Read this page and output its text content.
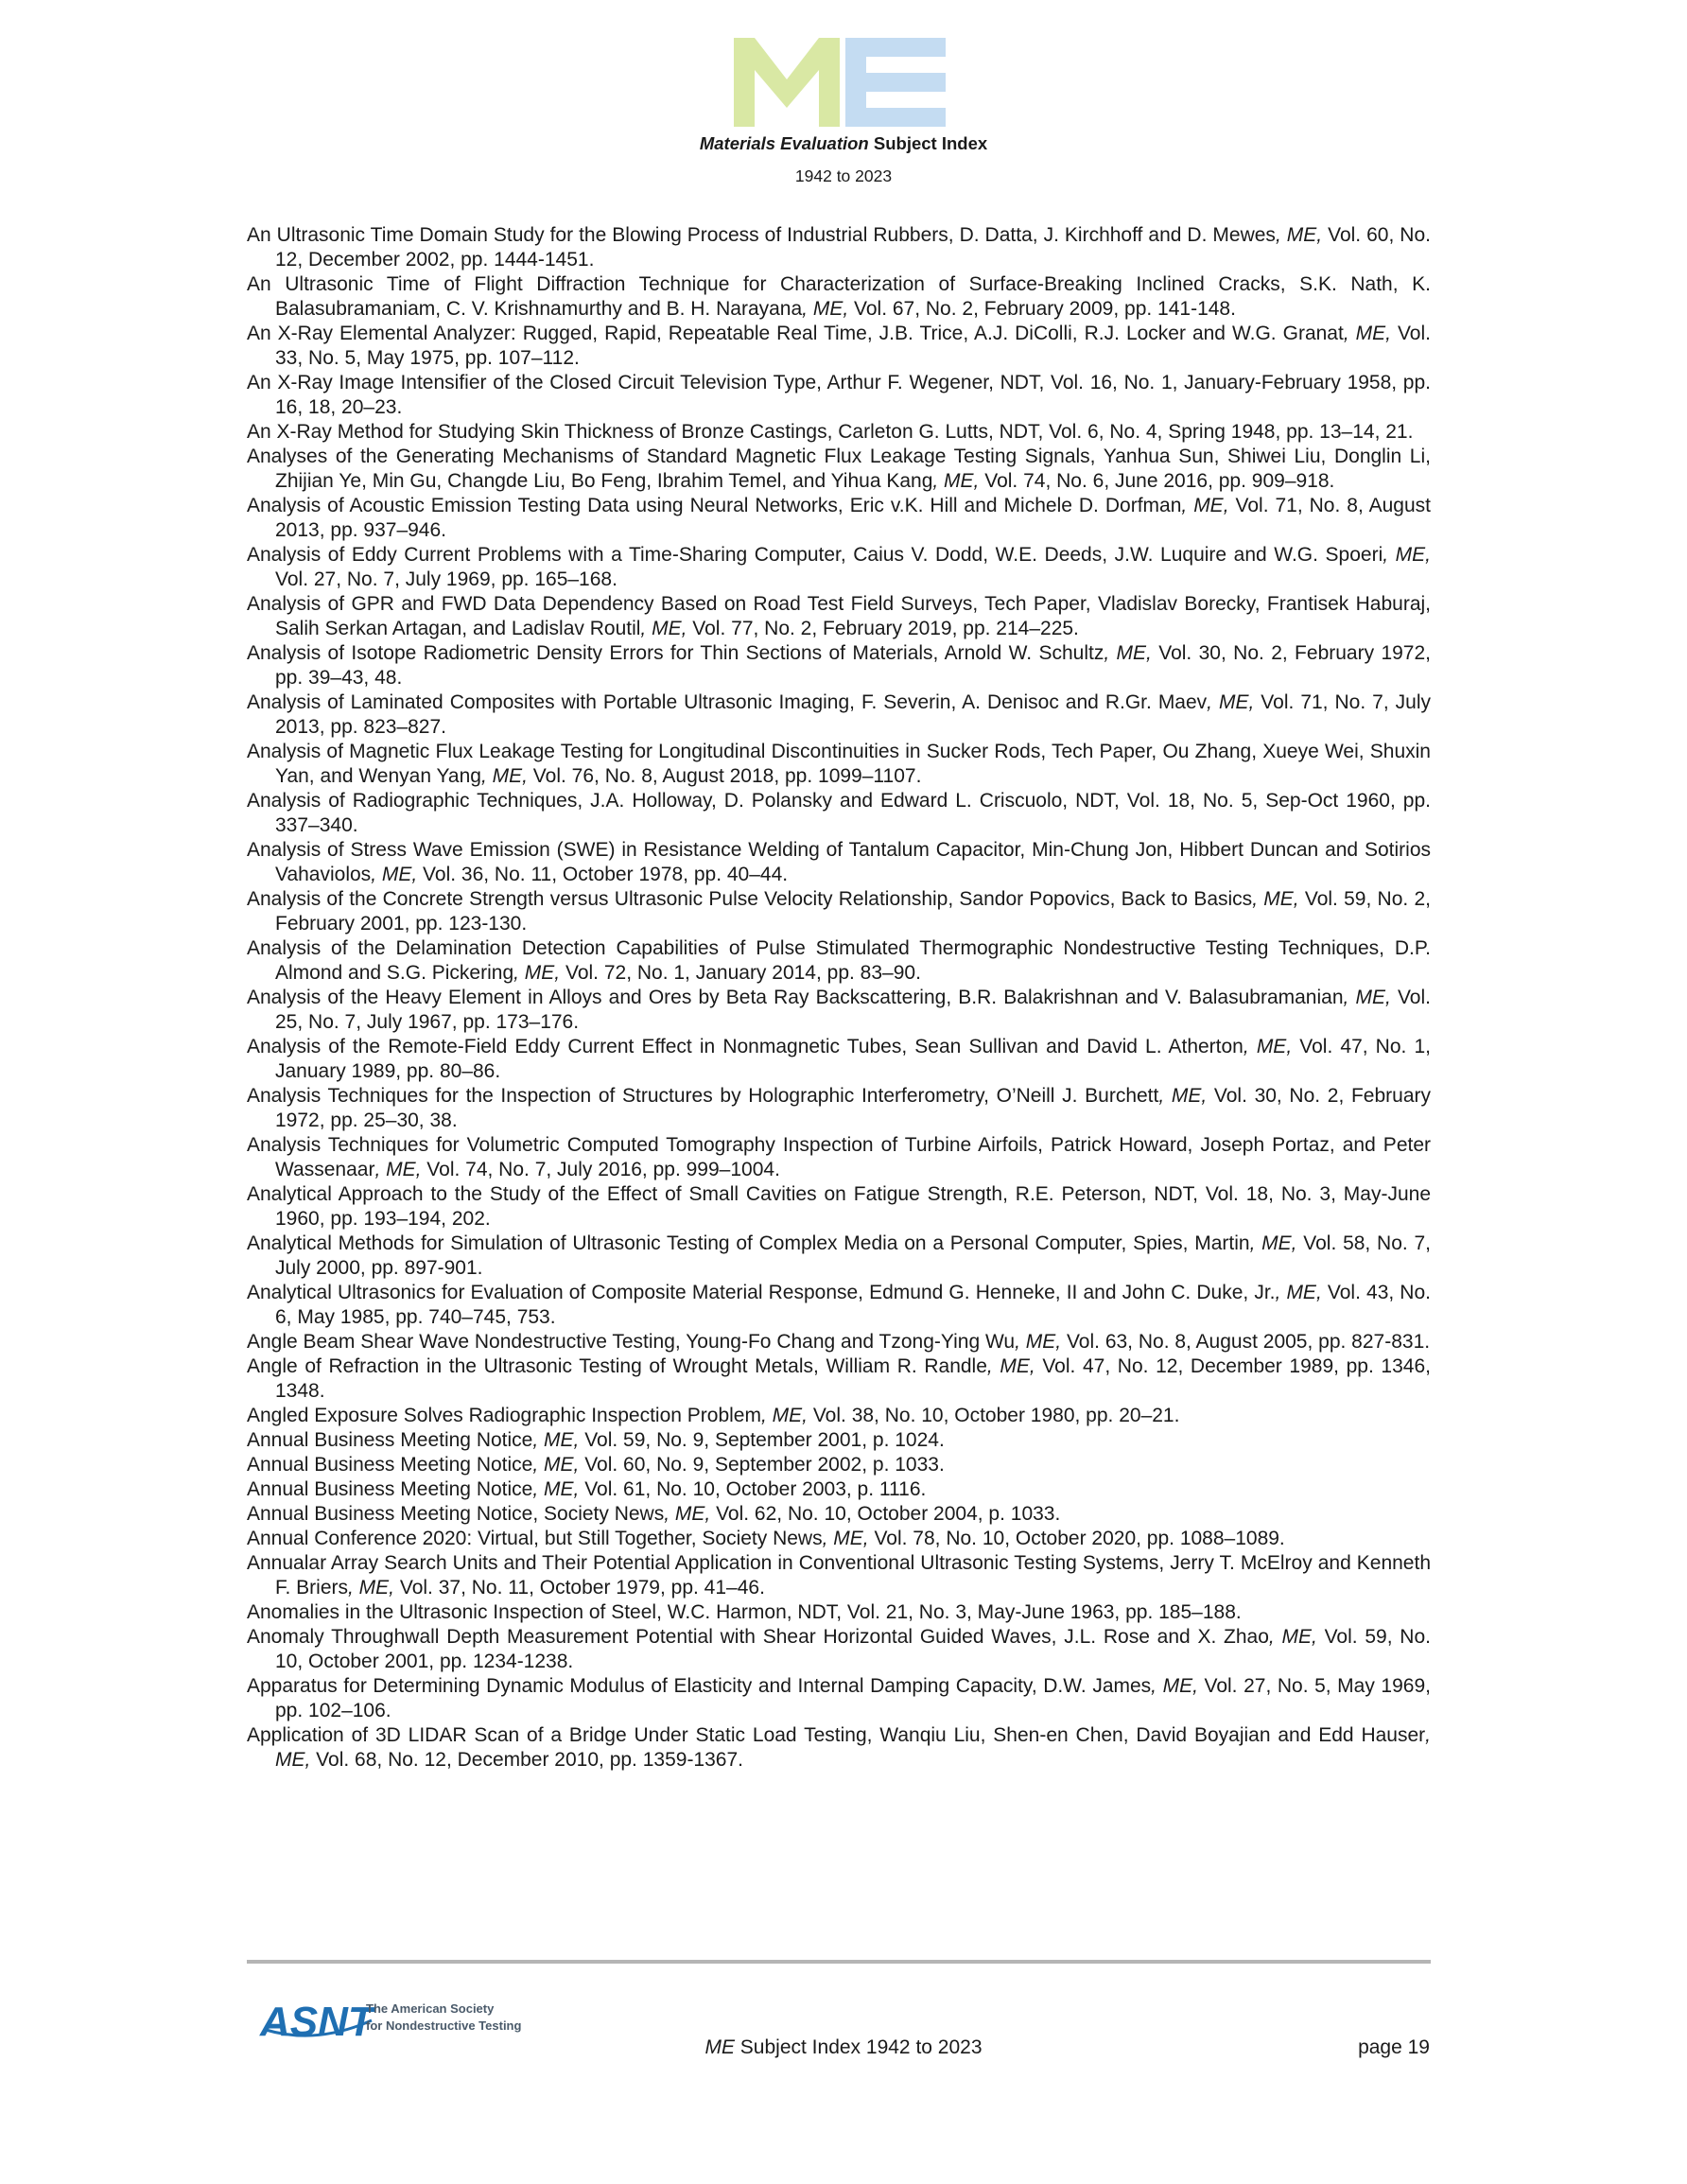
Materials Evaluation Subject Index
1942 to 2023
An Ultrasonic Time Domain Study for the Blowing Process of Industrial Rubbers, D. Datta, J. Kirchhoff and D. Mewes, ME, Vol. 60, No. 12, December 2002, pp. 1444-1451.
An Ultrasonic Time of Flight Diffraction Technique for Characterization of Surface-Breaking Inclined Cracks, S.K. Nath, K. Balasubramaniam, C. V. Krishnamurthy and B. H. Narayana, ME, Vol. 67, No. 2, February 2009, pp. 141-148.
An X-Ray Elemental Analyzer: Rugged, Rapid, Repeatable Real Time, J.B. Trice, A.J. DiColli, R.J. Locker and W.G. Granat, ME, Vol. 33, No. 5, May 1975, pp. 107–112.
An X-Ray Image Intensifier of the Closed Circuit Television Type, Arthur F. Wegener, NDT, Vol. 16, No. 1, January-February 1958, pp. 16, 18, 20–23.
An X-Ray Method for Studying Skin Thickness of Bronze Castings, Carleton G. Lutts, NDT, Vol. 6, No. 4, Spring 1948, pp. 13–14, 21.
Analyses of the Generating Mechanisms of Standard Magnetic Flux Leakage Testing Signals, Yanhua Sun, Shiwei Liu, Donglin Li, Zhijian Ye, Min Gu, Changde Liu, Bo Feng, Ibrahim Temel, and Yihua Kang, ME, Vol. 74, No. 6, June 2016, pp. 909–918.
Analysis of Acoustic Emission Testing Data using Neural Networks, Eric v.K. Hill and Michele D. Dorfman, ME, Vol. 71, No. 8, August 2013, pp. 937–946.
Analysis of Eddy Current Problems with a Time-Sharing Computer, Caius V. Dodd, W.E. Deeds, J.W. Luquire and W.G. Spoeri, ME, Vol. 27, No. 7, July 1969, pp. 165–168.
Analysis of GPR and FWD Data Dependency Based on Road Test Field Surveys, Tech Paper, Vladislav Borecky, Frantisek Haburaj, Salih Serkan Artagan, and Ladislav Routil, ME, Vol. 77, No. 2, February 2019, pp. 214–225.
Analysis of Isotope Radiometric Density Errors for Thin Sections of Materials, Arnold W. Schultz, ME, Vol. 30, No. 2, February 1972, pp. 39–43, 48.
Analysis of Laminated Composites with Portable Ultrasonic Imaging, F. Severin, A. Denisoc and R.Gr. Maev, ME, Vol. 71, No. 7, July 2013, pp. 823–827.
Analysis of Magnetic Flux Leakage Testing for Longitudinal Discontinuities in Sucker Rods, Tech Paper, Ou Zhang, Xueye Wei, Shuxin Yan, and Wenyan Yang, ME, Vol. 76, No. 8, August 2018, pp. 1099–1107.
Analysis of Radiographic Techniques, J.A. Holloway, D. Polansky and Edward L. Criscuolo, NDT, Vol. 18, No. 5, Sep-Oct 1960, pp. 337–340.
Analysis of Stress Wave Emission (SWE) in Resistance Welding of Tantalum Capacitor, Min-Chung Jon, Hibbert Duncan and Sotirios Vahaviolos, ME, Vol. 36, No. 11, October 1978, pp. 40–44.
Analysis of the Concrete Strength versus Ultrasonic Pulse Velocity Relationship, Sandor Popovics, Back to Basics, ME, Vol. 59, No. 2, February 2001, pp. 123-130.
Analysis of the Delamination Detection Capabilities of Pulse Stimulated Thermographic Nondestructive Testing Techniques, D.P. Almond and S.G. Pickering, ME, Vol. 72, No. 1, January 2014, pp. 83–90.
Analysis of the Heavy Element in Alloys and Ores by Beta Ray Backscattering, B.R. Balakrishnan and V. Balasubramanian, ME, Vol. 25, No. 7, July 1967, pp. 173–176.
Analysis of the Remote-Field Eddy Current Effect in Nonmagnetic Tubes, Sean Sullivan and David L. Atherton, ME, Vol. 47, No. 1, January 1989, pp. 80–86.
Analysis Techniques for the Inspection of Structures by Holographic Interferometry, O’Neill J. Burchett, ME, Vol. 30, No. 2, February 1972, pp. 25–30, 38.
Analysis Techniques for Volumetric Computed Tomography Inspection of Turbine Airfoils, Patrick Howard, Joseph Portaz, and Peter Wassenaar, ME, Vol. 74, No. 7, July 2016, pp. 999–1004.
Analytical Approach to the Study of the Effect of Small Cavities on Fatigue Strength, R.E. Peterson, NDT, Vol. 18, No. 3, May-June 1960, pp. 193–194, 202.
Analytical Methods for Simulation of Ultrasonic Testing of Complex Media on a Personal Computer, Spies, Martin, ME, Vol. 58, No. 7, July 2000, pp. 897-901.
Analytical Ultrasonics for Evaluation of Composite Material Response, Edmund G. Henneke, II and John C. Duke, Jr., ME, Vol. 43, No. 6, May 1985, pp. 740–745, 753.
Angle Beam Shear Wave Nondestructive Testing, Young-Fo Chang and Tzong-Ying Wu, ME, Vol. 63, No. 8, August 2005, pp. 827-831.
Angle of Refraction in the Ultrasonic Testing of Wrought Metals, William R. Randle, ME, Vol. 47, No. 12, December 1989, pp. 1346, 1348.
Angled Exposure Solves Radiographic Inspection Problem, ME, Vol. 38, No. 10, October 1980, pp. 20–21.
Annual Business Meeting Notice, ME, Vol. 59, No. 9, September 2001, p. 1024.
Annual Business Meeting Notice, ME, Vol. 60, No. 9, September 2002, p. 1033.
Annual Business Meeting Notice, ME, Vol. 61, No. 10, October 2003, p. 1116.
Annual Business Meeting Notice, Society News, ME, Vol. 62, No. 10, October 2004, p. 1033.
Annual Conference 2020: Virtual, but Still Together, Society News, ME, Vol. 78, No. 10, October 2020, pp. 1088–1089.
Annualar Array Search Units and Their Potential Application in Conventional Ultrasonic Testing Systems, Jerry T. McElroy and Kenneth F. Briers, ME, Vol. 37, No. 11, October 1979, pp. 41–46.
Anomalies in the Ultrasonic Inspection of Steel, W.C. Harmon, NDT, Vol. 21, No. 3, May-June 1963, pp. 185–188.
Anomaly Throughwall Depth Measurement Potential with Shear Horizontal Guided Waves, J.L. Rose and X. Zhao, ME, Vol. 59, No. 10, October 2001, pp. 1234-1238.
Apparatus for Determining Dynamic Modulus of Elasticity and Internal Damping Capacity, D.W. James, ME, Vol. 27, No. 5, May 1969, pp. 102–106.
Application of 3D LIDAR Scan of a Bridge Under Static Load Testing, Wanqiu Liu, Shen-en Chen, David Boyajian and Edd Hauser, ME, Vol. 68, No. 12, December 2010, pp. 1359-1367.
ASNT
The American Society
for Nondestructive Testing
ME Subject Index 1942 to 2023	page 19
